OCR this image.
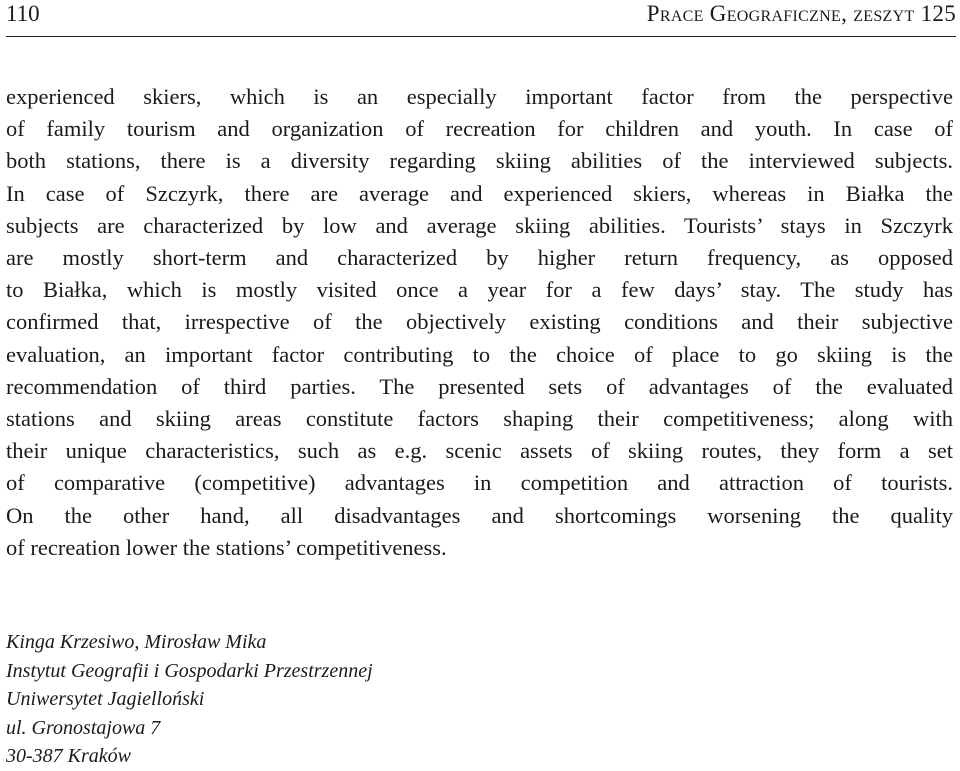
110	Prace Geograficzne, zeszyt 125

experienced skiers, which is an especially important factor from the perspective
of family tourism and organization of recreation for children and youth. In case of
both stations, there is a diversity regarding skiing abilities of the interviewed subjects.
In case of Szczyrk, there are average and experienced skiers, whereas in Białka the
subjects are characterized by low and average skiing abilities. Tourists’ stays in Szczyrk
are mostly short-term and characterized by higher return frequency, as opposed
to Białka, which is mostly visited once a year for a few days’ stay. The study has
confirmed that, irrespective of the objectively existing conditions and their subjective
evaluation, an important factor contributing to the choice of place to go skiing is the
recommendation of third parties. The presented sets of advantages of the evaluated
stations and skiing areas constitute factors shaping their competitiveness; along with
their unique characteristics, such as e.g. scenic assets of skiing routes, they form a set
of comparative (competitive) advantages in competition and attraction of tourists.
On the other hand, all disadvantages and shortcomings worsening the quality
of recreation lower the stations’ competitiveness.

Kinga Krzesiwo, Mirosław Mika
Instytut Geografii i Gospodarki Przestrzennej
Uniwersytet Jagielloński
ul. Gronostajowa 7
30-387 Kraków
